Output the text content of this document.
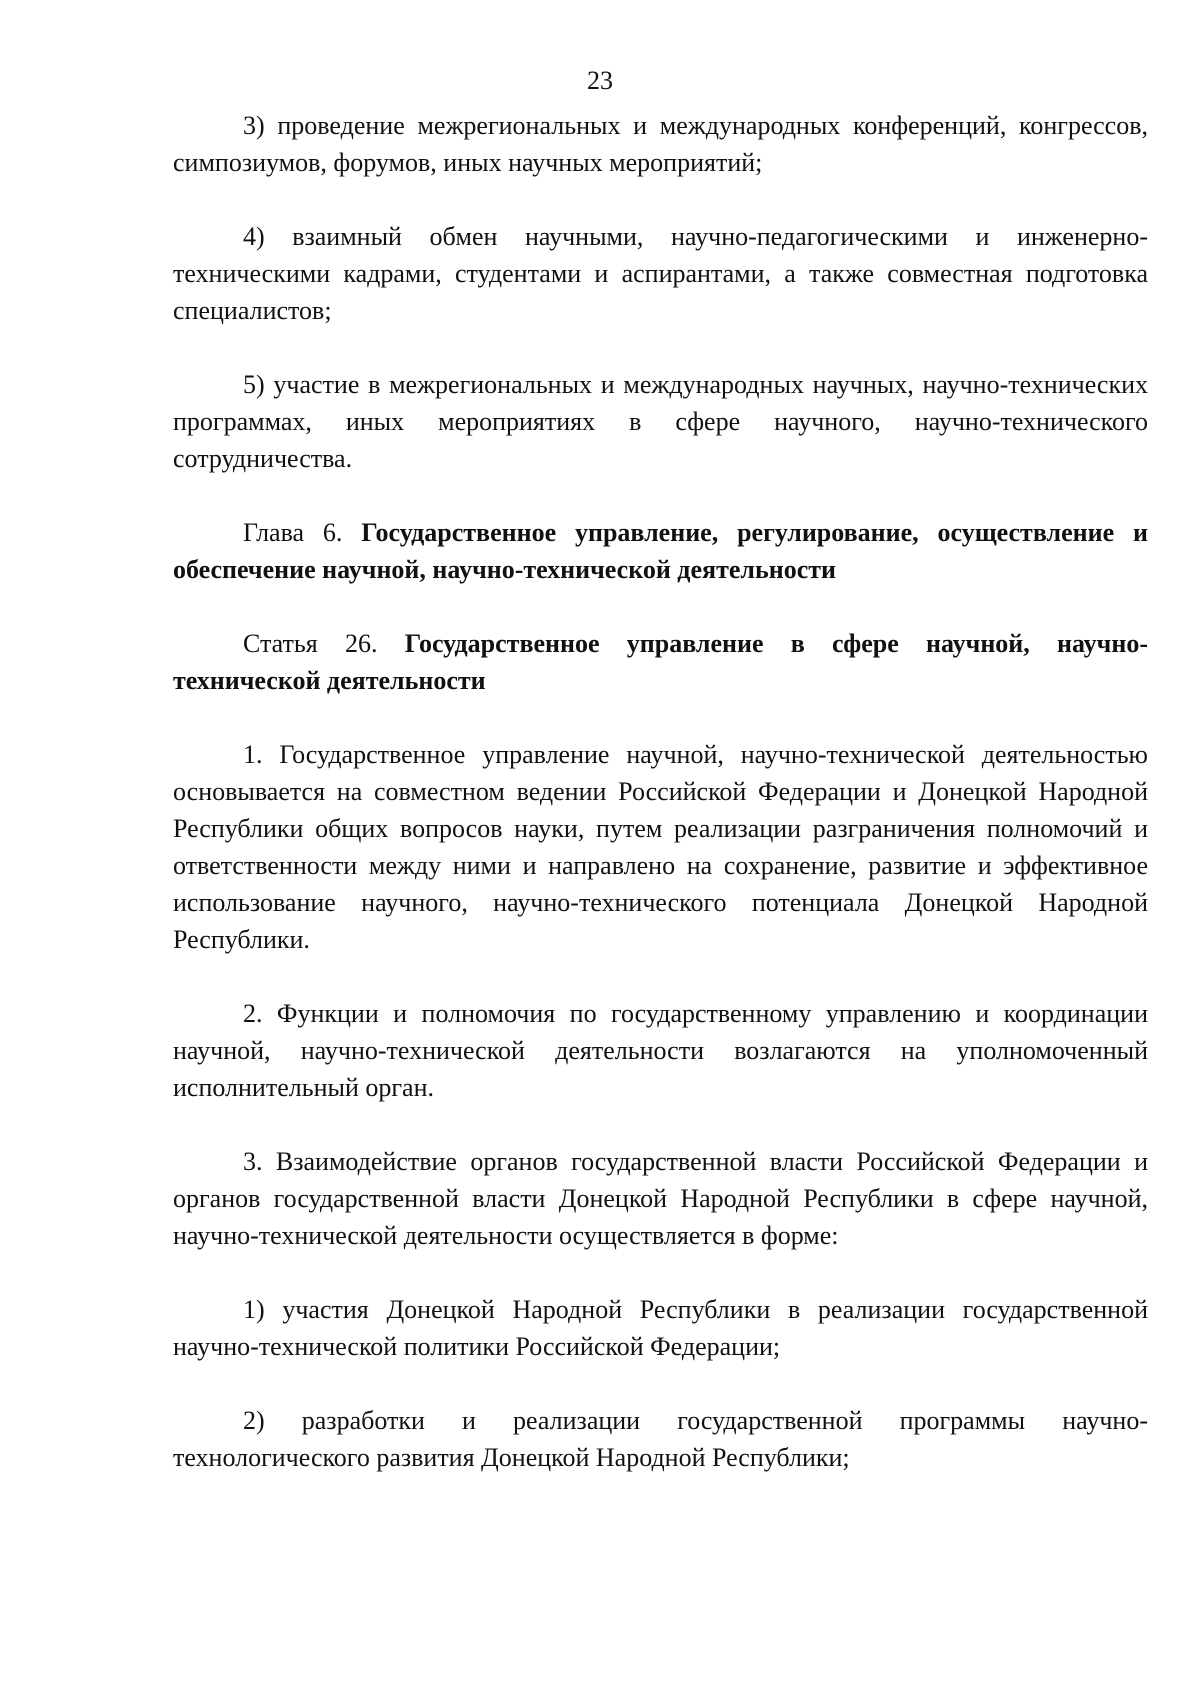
23

3) проведение межрегиональных и международных конференций, конгрессов, симпозиумов, форумов, иных научных мероприятий;

4) взаимный обмен научными, научно-педагогическими и инженерно-техническими кадрами, студентами и аспирантами, а также совместная подготовка специалистов;

5) участие в межрегиональных и международных научных, научно-технических программах, иных мероприятиях в сфере научного, научно-технического сотрудничества.

Глава 6. Государственное управление, регулирование, осуществление и обеспечение научной, научно-технической деятельности

Статья 26. Государственное управление в сфере научной, научно-технической деятельности

1. Государственное управление научной, научно-технической деятельностью основывается на совместном ведении Российской Федерации и Донецкой Народной Республики общих вопросов науки, путем реализации разграничения полномочий и ответственности между ними и направлено на сохранение, развитие и эффективное использование научного, научно-технического потенциала Донецкой Народной Республики.

2. Функции и полномочия по государственному управлению и координации научной, научно-технической деятельности возлагаются на уполномоченный исполнительный орган.

3. Взаимодействие органов государственной власти Российской Федерации и органов государственной власти Донецкой Народной Республики в сфере научной, научно-технической деятельности осуществляется в форме:

1) участия Донецкой Народной Республики в реализации государственной научно-технической политики Российской Федерации;

2) разработки и реализации государственной программы научно-технологического развития Донецкой Народной Республики;
